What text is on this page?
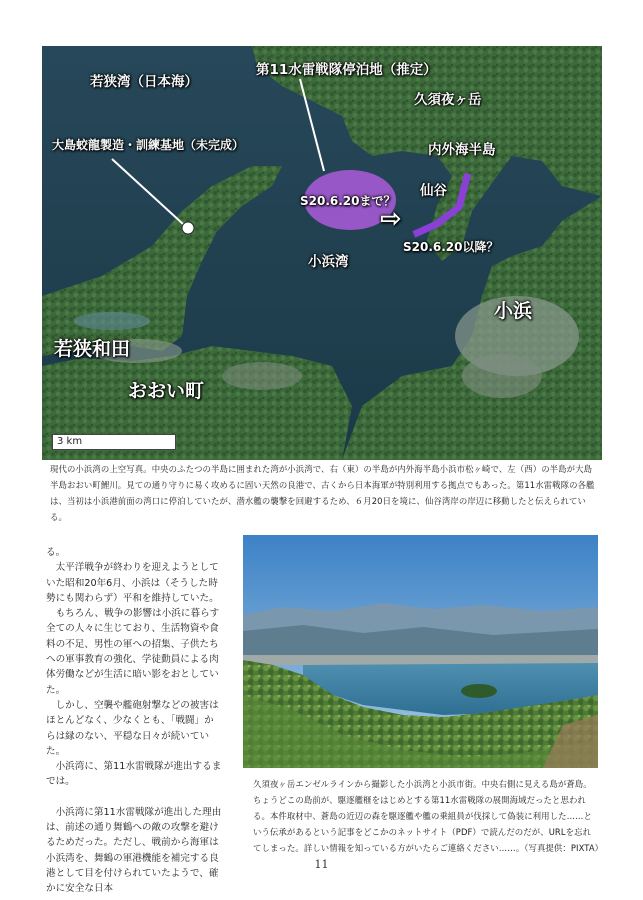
若狭湾（日本海）
第11水雷戦隊停泊地（推定）
久須夜ヶ岳
大島蛟龍製造・訓練基地（未完成）	内外海半島
仙谷
S20.6.20まで？
⇨
S20.6.20以降？
小浜湾
小浜
若狭和田
おおい町
3 km
現代の小浜湾の上空写真。中央のふたつの半島に囲まれた湾が小浜湾で、右（東）の半島が内外海半島小浜市松ヶ崎で、左（西）の半島が大島半島おおい町鯉川。見ての通り守りに易く攻めるに固い天然の良港で、古くから日本海軍が特別利用する拠点でもあった。第11水雷戦隊の各艦は、当初は小浜港前面の湾口に停泊していたが、潜水艦の襲撃を回避するため、６月20日を境に、仙谷湾岸の岸辺に移動したと伝えられている。

る。

太平洋戦争が終わりを迎えようとしていた昭和20年6月、小浜は（そうした時勢にも関わらず）平和を維持していた。

もちろん、戦争の影響は小浜に暮らす全ての人々に生じており、生活物資や食料の不足、男性の軍への招集、子供たちへの軍事教育の強化、学徒動員による肉体労働などが生活に暗い影をおとしていた。

しかし、空襲や艦砲射撃などの被害はほとんどなく、少なくとも、「戦闘」からは縁のない、平穏な日々が続いていた。

小浜湾に、第11水雷戦隊が進出するまでは。

小浜湾に第11水雷戦隊が進出した理由は、前述の通り舞鶴への敵の攻撃を避けるためだった。ただし、戦前から海軍は小浜湾を、舞鶴の軍港機能を補完する良港として目を付けられていたようで、確かに安全な日本

久須夜ヶ岳エンゼルラインから撮影した小浜湾と小浜市街。中央右側に見える島が蒼島。ちょうどこの島前が、駆逐艦榧をはじめとする第11水雷戦隊の展開海域だったと思われる。本件取材中、蒼島の近辺の森を駆逐艦や艦の乗組員が伐採して偽装に利用した……という伝承があるという記事をどこかのネットサイト（PDF）で読んだのだが、URLを忘れてしまった。詳しい情報を知っている方がいたらご連絡ください……。（写真提供：PIXTA）
11
